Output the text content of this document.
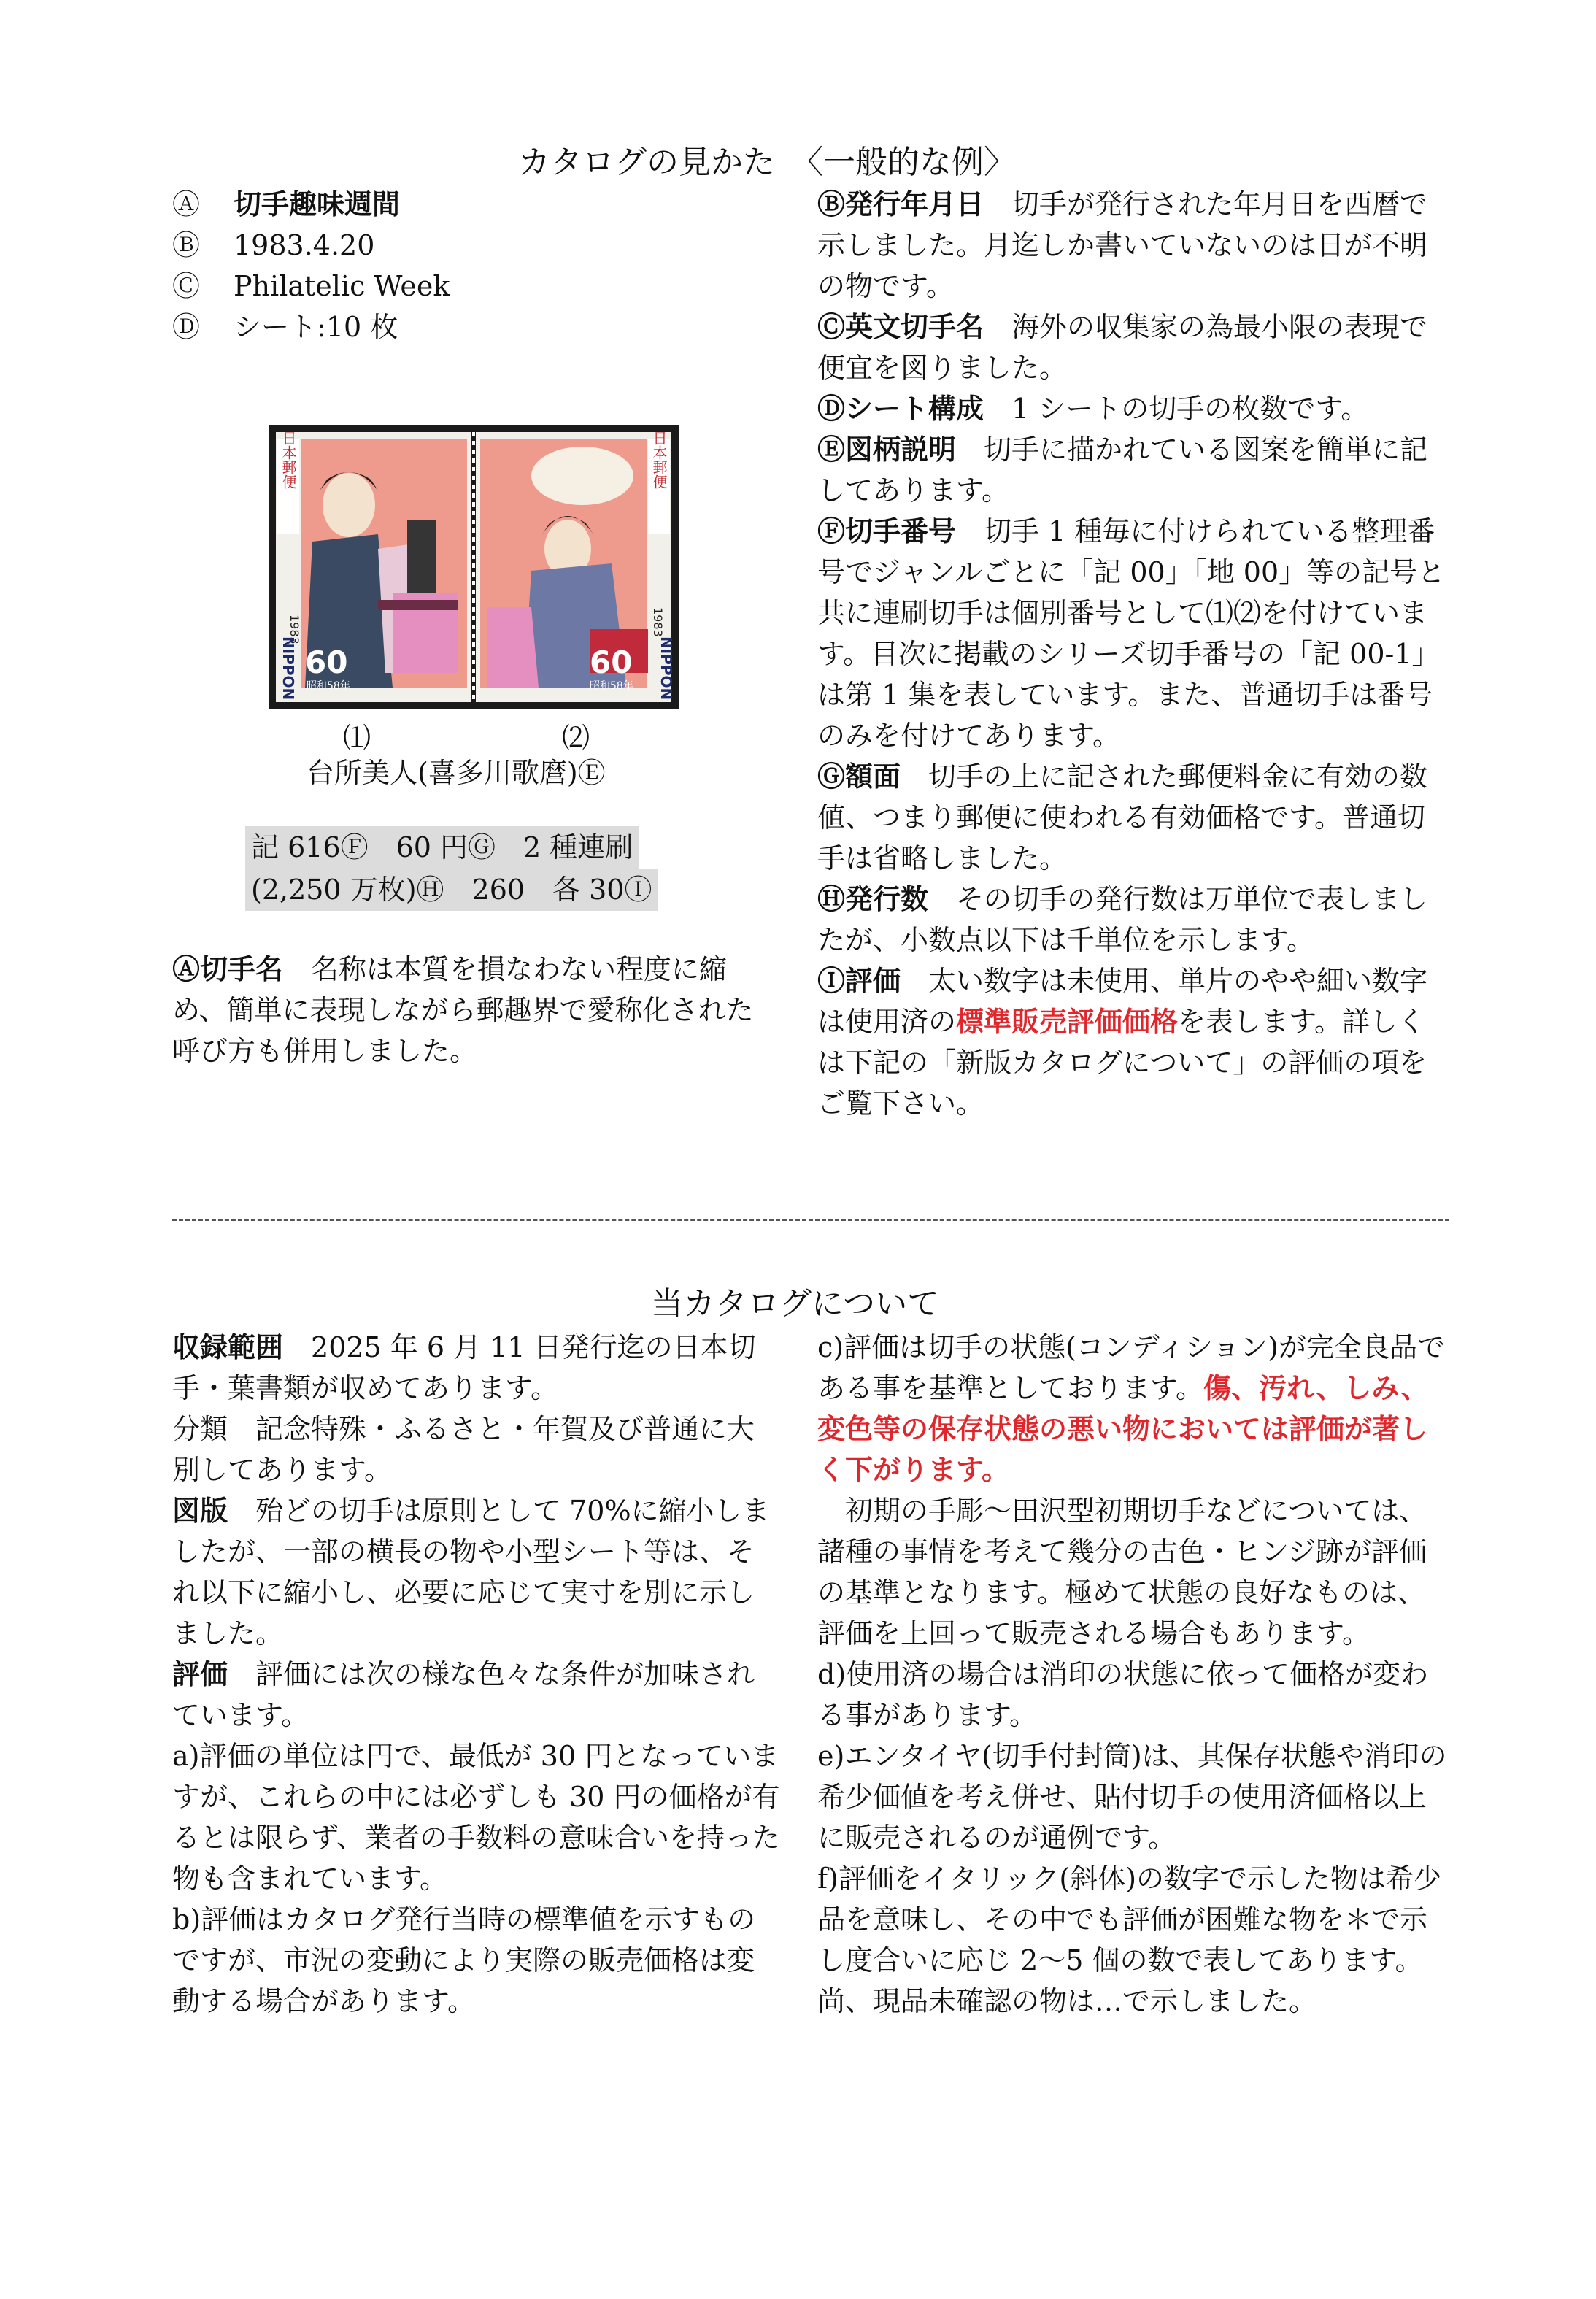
カタログの見かた　〈一般的な例〉
Ⓐ 切手趣味週間
Ⓑ 1983.4.20
Ⓒ Philatelic Week
Ⓓ シート:10 枚
日本郵便	日本郵便
1983	1983
NIPPON	NIPPON
60	60
昭和58年	昭和58年
⑴	⑵
台所美人(喜多川歌麿)Ⓔ
記 616Ⓕ　60 円Ⓖ　2 種連刷
(2,250 万枚)Ⓗ　260　各 30Ⓘ

Ⓐ切手名　名称は本質を損なわない程度に縮め、簡単に表現しながら郵趣界で愛称化された呼び方も併用しました。

Ⓑ発行年月日　切手が発行された年月日を西暦で示しました。月迄しか書いていないのは日が不明の物です。

Ⓒ英文切手名　海外の収集家の為最小限の表現で便宜を図りました。

Ⓓシート構成　1 シートの切手の枚数です。

Ⓔ図柄説明　切手に描かれている図案を簡単に記してあります。

Ⓕ切手番号　切手 1 種毎に付けられている整理番号でジャンルごとに「記 00」「地 00」等の記号と共に連刷切手は個別番号として⑴⑵を付けています。目次に掲載のシリーズ切手番号の「記 00-1」は第 1 集を表しています。また、普通切手は番号のみを付けてあります。

Ⓖ額面　切手の上に記された郵便料金に有効の数値、つまり郵便に使われる有効価格です。普通切手は省略しました。

Ⓗ発行数　その切手の発行数は万単位で表しましたが、小数点以下は千単位を示します。

Ⓘ評価　太い数字は未使用、単片のやや細い数字は使用済の標準販売評価価格を表します。詳しくは下記の「新版カタログについて」の評価の項をご覧下さい。

当カタログについて

収録範囲　2025 年 6 月 11 日発行迄の日本切手・葉書類が収めてあります。

分類　記念特殊・ふるさと・年賀及び普通に大別してあります。

図版　殆どの切手は原則として 70%に縮小しましたが、一部の横長の物や小型シート等は、それ以下に縮小し、必要に応じて実寸を別に示しました。

評価　評価には次の様な色々な条件が加味されています。

a)評価の単位は円で、最低が 30 円となっていますが、これらの中には必ずしも 30 円の価格が有るとは限らず、業者の手数料の意味合いを持った物も含まれています。

b)評価はカタログ発行当時の標準値を示すものですが、市況の変動により実際の販売価格は変動する場合があります。

c)評価は切手の状態(コンディション)が完全良品である事を基準としております。傷、汚れ、しみ、変色等の保存状態の悪い物においては評価が著しく下がります。

　初期の手彫～田沢型初期切手などについては、諸種の事情を考えて幾分の古色・ヒンジ跡が評価の基準となります。極めて状態の良好なものは、評価を上回って販売される場合もあります。

d)使用済の場合は消印の状態に依って価格が変わる事があります。

e)エンタイヤ(切手付封筒)は、其保存状態や消印の希少価値を考え併せ、貼付切手の使用済価格以上に販売されるのが通例です。

f)評価をイタリック(斜体)の数字で示した物は希少品を意味し、その中でも評価が困難な物を＊で示し度合いに応じ 2～5 個の数で表してあります。尚、現品未確認の物は…で示しました。
